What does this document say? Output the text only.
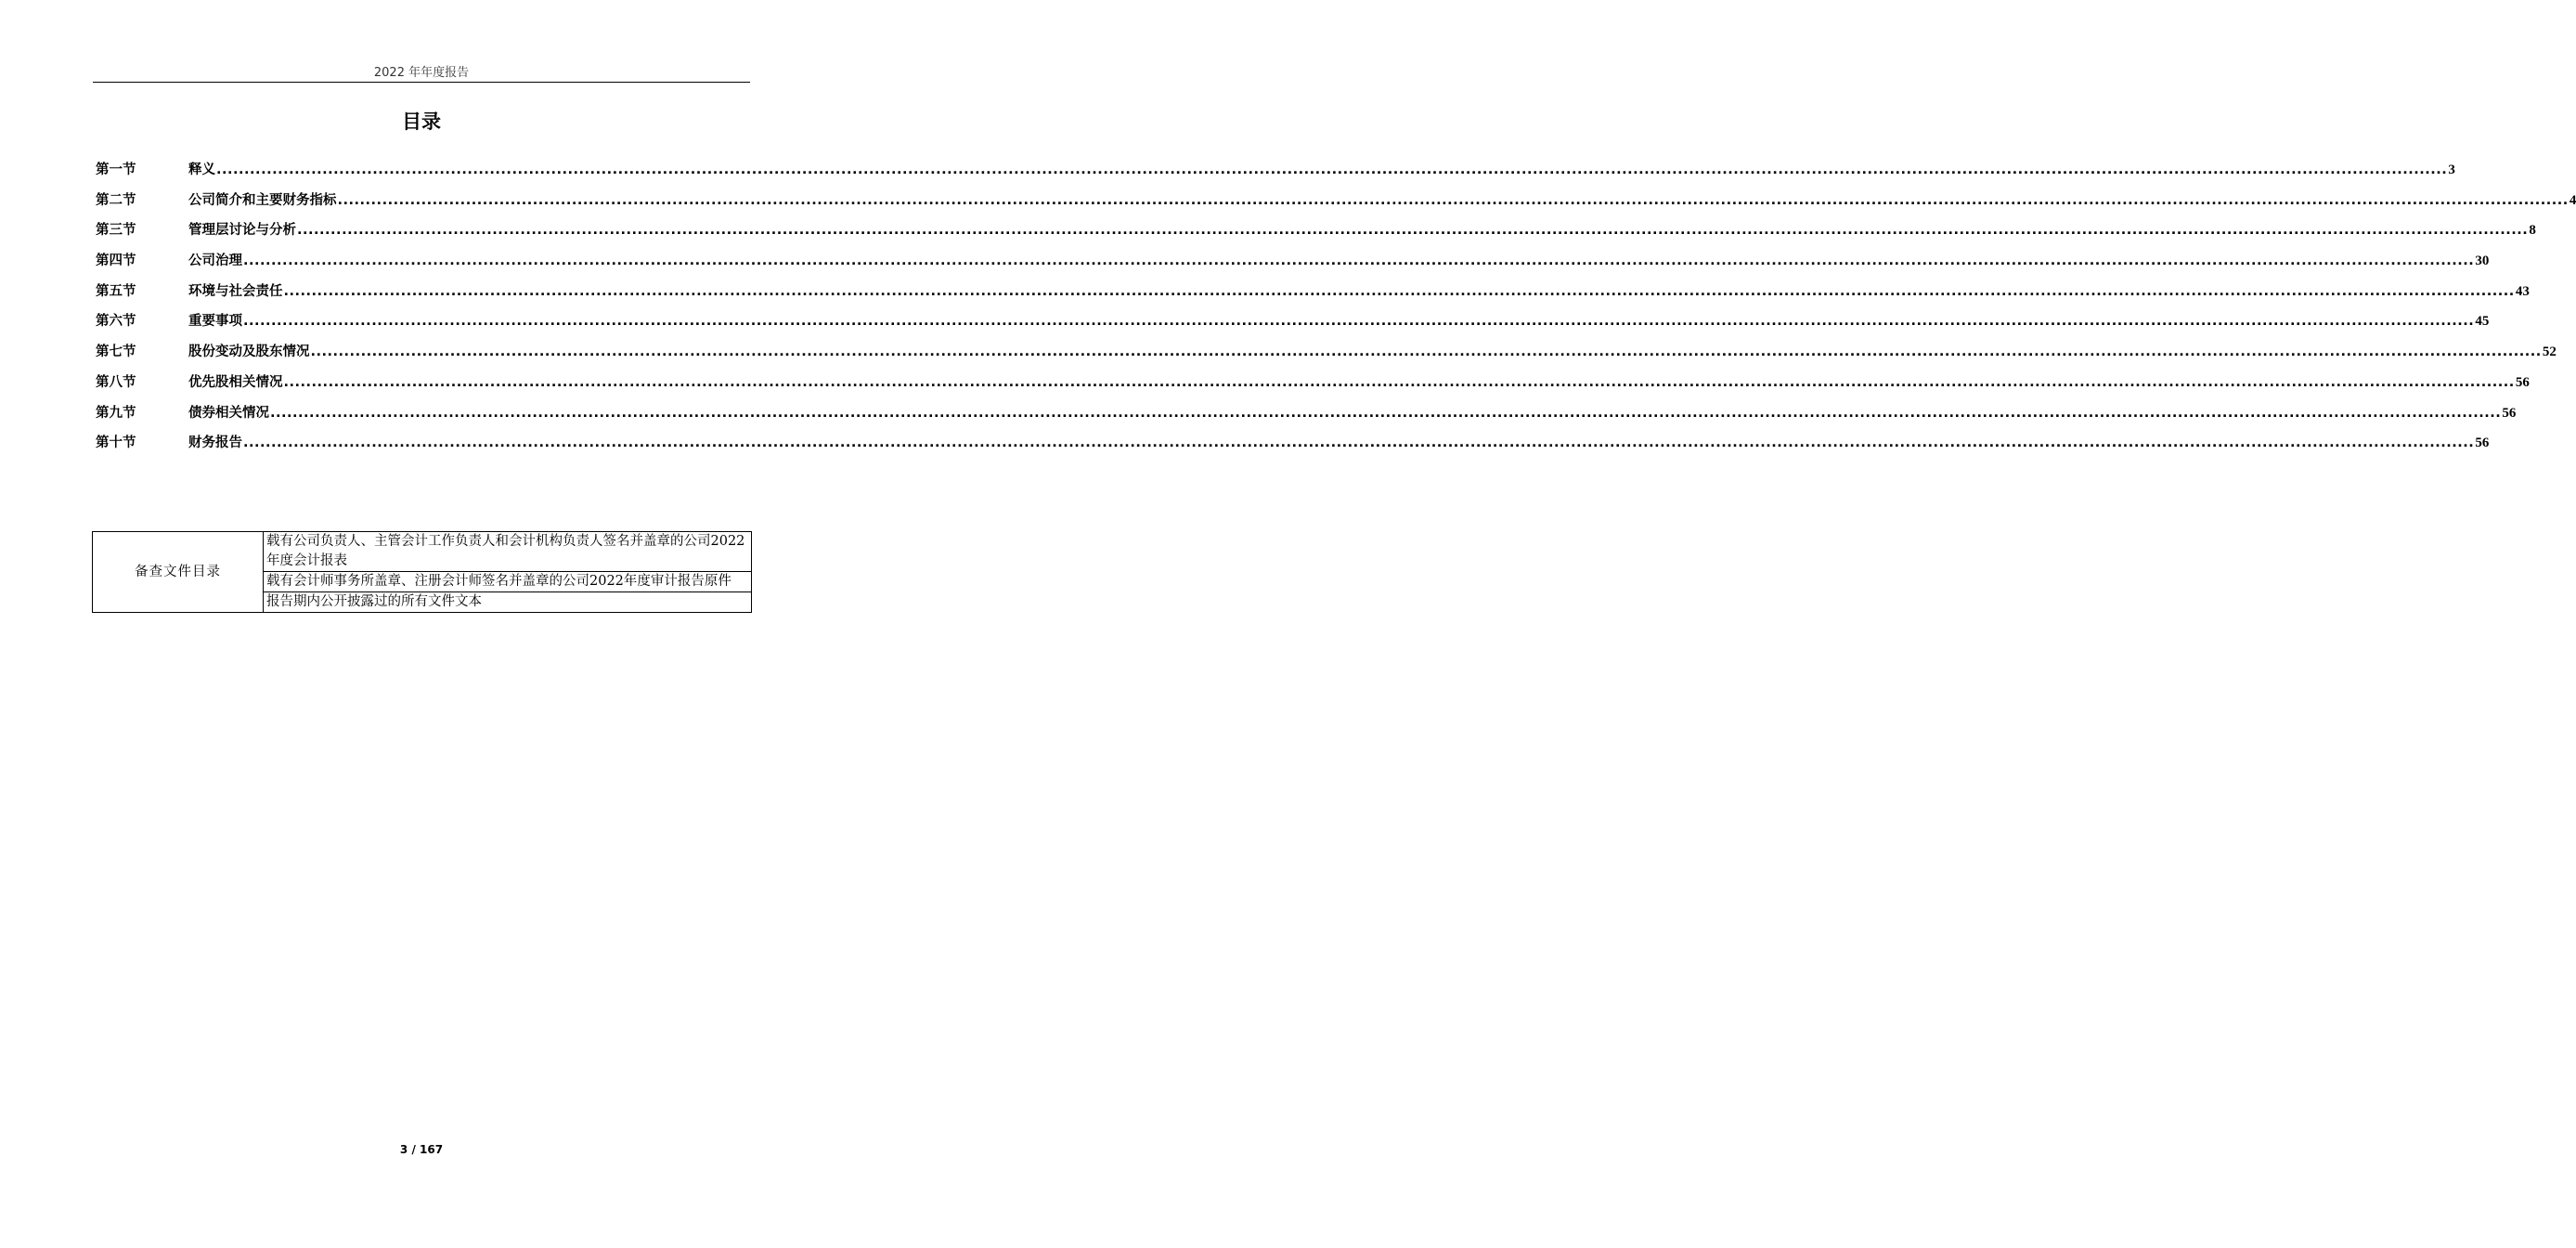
2022 年年度报告
目录
第一节	释义 ................................................................................................................................................................................................................................................................................................................................................................................................................ 3
第二节	公司简介和主要财务指标 ................................................................................................................................................................................................................................................................................................................................................................................................................ 4
第三节	管理层讨论与分析 ................................................................................................................................................................................................................................................................................................................................................................................................................ 8
第四节	公司治理 ................................................................................................................................................................................................................................................................................................................................................................................................................ 30
第五节	环境与社会责任 ................................................................................................................................................................................................................................................................................................................................................................................................................ 43
第六节	重要事项 ................................................................................................................................................................................................................................................................................................................................................................................................................ 45
第七节	股份变动及股东情况 ................................................................................................................................................................................................................................................................................................................................................................................................................ 52
第八节	优先股相关情况 ................................................................................................................................................................................................................................................................................................................................................................................................................ 56
第九节	债券相关情况 ................................................................................................................................................................................................................................................................................................................................................................................................................ 56
第十节	财务报告 ................................................................................................................................................................................................................................................................................................................................................................................................................ 56
备查文件目录	载有公司负责人、主管会计工作负责人和会计机构负责人签名并盖章的公司2022年度会计报表
载有会计师事务所盖章、注册会计师签名并盖章的公司2022年度审计报告原件
报告期内公开披露过的所有文件文本
3 / 167
